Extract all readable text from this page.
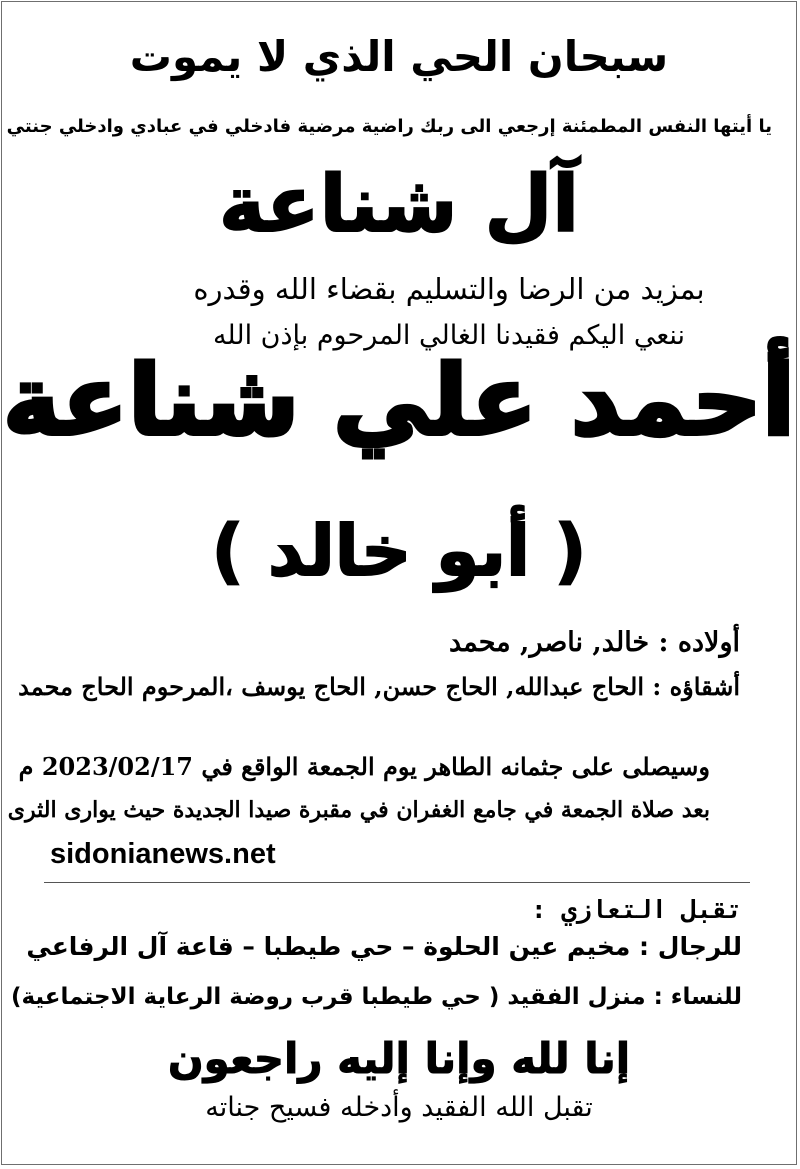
سبحان الحي الذي لا يموت
يا أيتها النفس المطمئنة إرجعي الى ربك راضية مرضية فادخلي في عبادي وادخلي جنتي
آل شناعة
بمزيد من الرضا والتسليم بقضاء الله وقدره
ننعي اليكم فقيدنا الغالي المرحوم بإذن الله
أحمد علي شناعة
( أبو خالد )
أولاده : خالد, ناصر, محمد
أشقاؤه : الحاج عبدالله, الحاج حسن, الحاج يوسف ،المرحوم الحاج محمد
وسيصلى على جثمانه الطاهر يوم الجمعة الواقع في 2023/02/17 م
بعد صلاة الجمعة في جامع الغفران في مقبرة صيدا الجديدة حيث يوارى الثرى
sidonianews.net
تقبل التعازي :
للرجال : مخيم عين الحلوة – حي طيطبا – قاعة آل الرفاعي
للنساء : منزل الفقيد ( حي طيطبا قرب روضة الرعاية الاجتماعية)
إنا لله وإنا إليه راجعون
تقبل الله الفقيد وأدخله فسيح جناته
